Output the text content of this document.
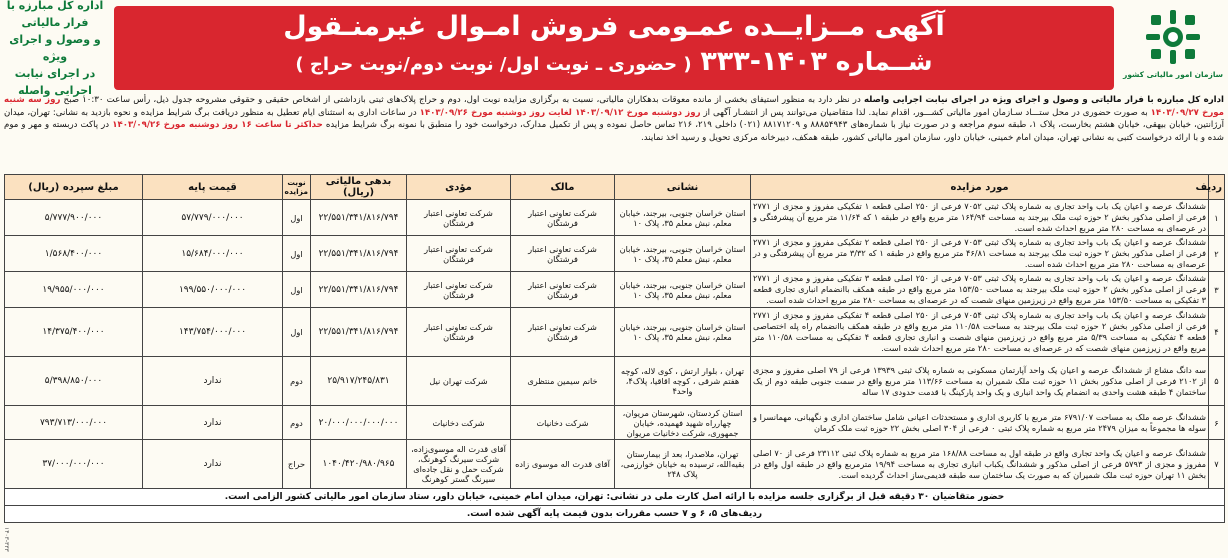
سازمان امور مالیاتی کشور
آگهی مــزایــده عمـومی فروش امـوال غیرمنـقول
شــماره ۱۴۰۳-۳۳۳ ( حضوری ـ نوبت اول/ نوبت دوم/نوبت حراج )
اداره کل مبارزه با فرار مالیاتی
و وصول و اجرای ویژه
در اجرای نیابت اجرایی واصله
اداره کل مبارزه با فرار مالیاتی و وصول و اجرای ویژه در اجرای نیابت اجرایی واصله در نظر دارد به منظور استیفای بخشی از مانده معوقات بدهکاران مالیاتی، نسبت به برگزاری مزایده نوبت اول، دوم و حراج پلاک‌های ثبتی بازداشتی از اشخاص حقیقی و حقوقی مشروحه جدول ذیل، رأس ساعت ۱۰:۳۰ صبح روز سه شنبه مورخ ۱۴۰۳/۰۹/۲۷ به صورت حضوری در محل ستـــاد سـازمان امور مالیاتی کشـــور، اقدام نماید. لذا متقاضیان می‌توانند پس از انتشـار آگهی از روز دوشنبه مورخ ۱۴۰۳/۰۹/۱۲ لغایت روز دوشنبه مورخ ۱۴۰۳/۰۹/۲۶ در ساعات اداری به استثنای ایام تعطیل به منظور دریافت برگ شرایط مزایده و نحوه بازدید به نشانی: تهران، میدان آرژانتین، خیابان بیهقی، خیابان هشتم بخارست، پلاک ۱، طبقه سوم مراجعه و در صورت نیاز با شماره‌های ۸۸۸۵۴۹۴۳ و ۸۸۱۷۱۲۰۹ (۰۲۱) داخلی ۲۱۹، ۲۱۶ تماس حاصل نموده و پس از تکمیل مدارک، درخواست خود را منطبق با نمونه برگ شرایط مزایده حداکثر تا ساعت ۱۶ روز دوشنبه مورخ ۱۴۰۳/۰۹/۲۶ در پاکت دربسته و مهر و موم شده و با ارائه درخواست کتبی به نشانی تهران، میدان امام خمینی، خیابان داور، سازمان امور مالیاتی کشور، طبقه همکف، دبیرخانه مرکزی تحویل و رسید اخذ نمایند.
ردیف	مورد مزایده	نشانی	مالک	مؤدی	بدهی مالیاتی (ریال)	نوبت مزایده	قیمت پایه	مبلغ سپرده (ریال)
۱	ششدانگ عرصه و اعیان یک باب واحد تجاری به شماره پلاک ثبتی ۷۰۵۲ فرعی از ۲۵۰ اصلی قطعه ۱ تفکیکی مفروز و مجزی از ۲۷۷۱ فرعی از اصلی مذکور بخش ۲ حوزه ثبت ملک بیرجند به مساحت ۱۶۴/۹۴ متر مربع واقع در طبقه ۱ که ۱۱/۶۴ متر مربع آن پیشرفتگی و در عرصه‌ای به مساحت ۲۸۰ متر مربع احداث شده است.	استان خراسان جنوبی، بیرجند، خیابان معلم، نبش معلم ۳۵، پلاک ۱۰	شرکت تعاونی اعتبار فرشتگان	شرکت تعاونی اعتبار فرشتگان	۲۲/۵۵۱/۳۴۱/۸۱۶/۷۹۴	اول	۵۷/۷۷۹/۰۰۰/۰۰۰	۵/۷۷۷/۹۰۰/۰۰۰
۲	ششدانگ عرصه و اعیان یک باب واحد تجاری به شماره پلاک ثبتی ۷۰۵۳ فرعی از ۲۵۰ اصلی قطعه ۲ تفکیکی مفروز و مجزی از ۲۷۷۱ فرعی از اصلی مذکور بخش ۲ حوزه ثبت ملک بیرجند به مساحت ۴۶/۸۱ متر مربع واقع در طبقه ۱ که ۳/۳۲ متر مربع آن پیشرفتگی و در عرصه‌ای به مساحت ۲۸۰ متر مربع احداث شده است.	استان خراسان جنوبی، بیرجند، خیابان معلم، نبش معلم ۳۵، پلاک ۱۰	شرکت تعاونی اعتبار فرشتگان	شرکت تعاونی اعتبار فرشتگان	۲۲/۵۵۱/۳۴۱/۸۱۶/۷۹۴	اول	۱۵/۶۸۴/۰۰۰/۰۰۰	۱/۵۶۸/۴۰۰/۰۰۰
۳	ششدانگ عرصه و اعیان یک باب واحد تجاری به شماره پلاک ثبتی ۷۰۵۳ فرعی از ۲۵۰ اصلی قطعه ۳ تفکیکی مفروز و مجزی از ۲۷۷۱ فرعی از اصلی مذکور بخش ۲ حوزه ثبت ملک بیرجند به مساحت ۱۵۳/۵۰ متر مربع واقع در طبقه همکف باانضمام انباری تجاری قطعه ۳ تفکیکی به مساحت ۱۵۳/۵۰ متر مربع واقع در زیرزمین منهای شصت که در عرصه‌ای به مساحت ۲۸۰ متر مربع احداث شده است.	استان خراسان جنوبی، بیرجند، خیابان معلم، نبش معلم ۳۵، پلاک ۱۰	شرکت تعاونی اعتبار فرشتگان	شرکت تعاونی اعتبار فرشتگان	۲۲/۵۵۱/۳۴۱/۸۱۶/۷۹۴	اول	۱۹۹/۵۵۰/۰۰۰/۰۰۰	۱۹/۹۵۵/۰۰۰/۰۰۰
۴	ششدانگ عرصه و اعیان یک باب واحد تجاری به شماره پلاک ثبتی ۷۰۵۴ فرعی از ۲۵۰ اصلی قطعه ۴ تفکیکی مفروز و مجزی از ۲۷۷۱ فرعی از اصلی مذکور بخش ۲ حوزه ثبت ملک بیرجند به مساحت ۱۱۰/۵۸ متر مربع واقع در طبقه همکف باانضمام راه پله اختصاصی قطعه ۴ تفکیکی به مساحت ۵/۳۹ متر مربع واقع در زیرزمین منهای شصت و انباری تجاری قطعه ۴ تفکیکی به مساحت ۱۱۰/۵۸ متر مربع واقع در زیرزمین منهای شصت که در عرصه‌ای به مساحت ۲۸۰ متر مربع احداث شده است.	استان خراسان جنوبی، بیرجند، خیابان معلم، نبش معلم ۳۵، پلاک ۱۰	شرکت تعاونی اعتبار فرشتگان	شرکت تعاونی اعتبار فرشتگان	۲۲/۵۵۱/۳۴۱/۸۱۶/۷۹۴	اول	۱۴۳/۷۵۴/۰۰۰/۰۰۰	۱۴/۳۷۵/۴۰۰/۰۰۰
۵	سه دانگ مشاع از ششدانگ عرصه و اعیان یک واحد آپارتمان مسکونی به شماره پلاک ثبتی ۱۳۹۳۹ فرعی از ۷۹ اصلی مفروز و مجزی از ۲۱۰۲ فرعی از اصلی مذکور بخش ۱۱ حوزه ثبت ملک شمیران به مساحت ۱۱۳/۶۶ متر مربع واقع در سمت جنوبی طبقه دوم از یک ساختمان ۴ طبقه هشت واحدی به انضمام یک واحد انباری و یک واحد پارکینگ با قدمت حدودی ۱۷ ساله	تهران ، بلوار ارتش ، کوی لاله، کوچه هفتم شرقی ، کوچه اقاقیا، پلاک۴، واحد۴	خانم سیمین منتظری	شرکت تهران نیل	۲۵/۹۱۷/۲۴۵/۸۳۱	دوم	ندارد	۵/۳۹۸/۸۵۰/۰۰۰
۶	ششدانگ عرصه ملک به مساحت ۶۷۹۱/۰۷ متر مربع با کاربری اداری و مستحدثات اعیانی شامل ساختمان اداری و نگهبانی، مهمانسرا و سوله ها مجموعاً به میزان ۲۴۷۹ متر مربع به شماره پلاک ثبتی ۰ فرعی از ۳۰۴ اصلی بخش ۲۲ حوزه ثبت ملک کرمان	استان کردستان، شهرستان مریوان، چهارراه شهید فهمیده، خیابان جمهوری، شرکت دخانیات مریوان	شرکت دخانیات	شرکت دخانیات	۲۰/۰۰۰/۰۰۰/۰۰۰/۰۰۰	دوم	ندارد	۷۹۳/۷۱۳/۰۰۰/۰۰۰
۷	ششدانگ عرصه و اعیان یک واحد تجاری واقع در طبقه اول به مساحت ۱۶۸/۸۸ متر مربع به شماره پلاک ثبتی ۲۳۱۱۲ فرعی از ۷۰ اصلی مفروز و مجزی از ۵۷۹۳ فرعی از اصلی مذکور و ششدانگ یکباب انباری تجاری به مساحت ۱۹/۹۴ مترمربع واقع در طبقه اول واقع در بخش ۱۱ تهران حوزه ثبت ملک شمیران که به صورت یک ساختمان سه طبقه قدیمی‌ساز احداث گردیده است.	تهران، ملاصدرا، بعد از بیمارستان بقیه‌الله، ترسیده به خیابان خوارزمی، پلاک ۲۴۸	آقای قدرت اله موسوی زاده	آقای قدرت اله موسوی‌زاده، شرکت سیرنگ کوهرنگ، شرکت حمل و نقل جاده‌ای سیرنگ گستر کوهرنگ	۱۰۴۰/۴۲۰/۹۸۰/۹۶۵	حراج	ندارد	۳۷/۰۰۰/۰۰۰/۰۰۰
حضور متقاضیان ۳۰ دقیقه قبل از برگزاری جلسه مزایده با ارائه اصل کارت ملی در نشانی: تهران، میدان امام خمینی، خیابان داور، ستاد سازمان امور مالیاتی کشور الزامی است.								
ردیف‌های ۵، ۶ و ۷ حسب مقررات بدون قیمت پایه آگهی شده است.								
۱۴۰۳-۳۳۳
